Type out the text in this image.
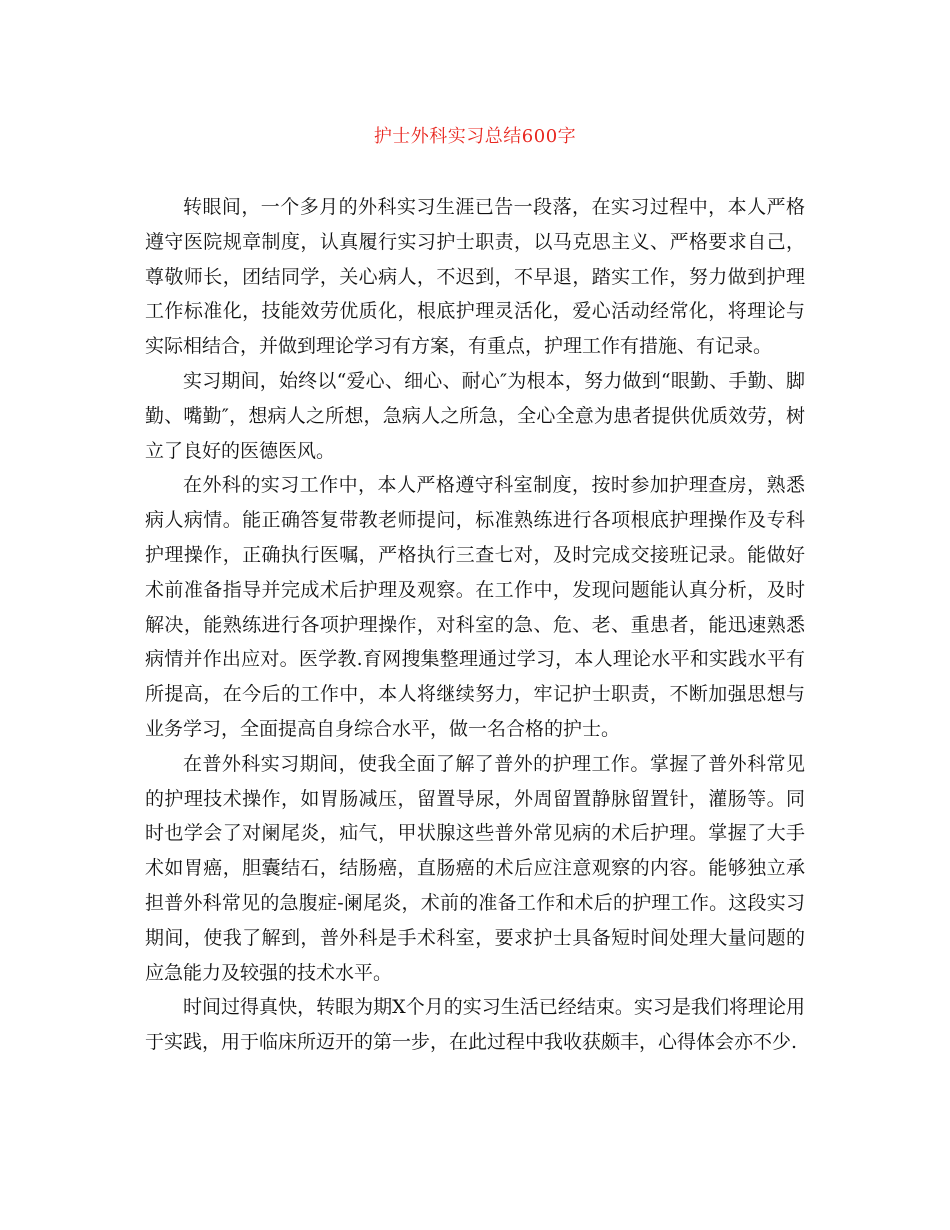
护士外科实习总结600字

转眼间，一个多月的外科实习生涯已告一段落，在实习过程中，本人严格遵守医院规章制度，认真履行实习护士职责，以马克思主义、严格要求自己，尊敬师长，团结同学，关心病人，不迟到，不早退，踏实工作，努力做到护理工作标准化，技能效劳优质化，根底护理灵活化，爱心活动经常化，将理论与实际相结合，并做到理论学习有方案，有重点，护理工作有措施、有记录。

实习期间，始终以“爱心、细心、耐心″为根本，努力做到“眼勤、手勤、脚勤、嘴勤″，想病人之所想，急病人之所急，全心全意为患者提供优质效劳，树立了良好的医德医风。

在外科的实习工作中，本人严格遵守科室制度，按时参加护理查房，熟悉病人病情。能正确答复带教老师提问，标准熟练进行各项根底护理操作及专科护理操作，正确执行医嘱，严格执行三查七对，及时完成交接班记录。能做好术前准备指导并完成术后护理及观察。在工作中，发现问题能认真分析，及时解决，能熟练进行各项护理操作，对科室的急、危、老、重患者，能迅速熟悉病情并作出应对。医学教.育网搜集整理通过学习，本人理论水平和实践水平有所提高，在今后的工作中，本人将继续努力，牢记护士职责，不断加强思想与业务学习，全面提高自身综合水平，做一名合格的护士。

在普外科实习期间，使我全面了解了普外的护理工作。掌握了普外科常见的护理技术操作，如胃肠减压，留置导尿，外周留置静脉留置针，灌肠等。同时也学会了对阑尾炎，疝气，甲状腺这些普外常见病的术后护理。掌握了大手术如胃癌，胆囊结石，结肠癌，直肠癌的术后应注意观察的内容。能够独立承担普外科常见的急腹症-阑尾炎，术前的准备工作和术后的护理工作。这段实习期间，使我了解到，普外科是手术科室，要求护士具备短时间处理大量问题的应急能力及较强的技术水平。

时间过得真快，转眼为期X个月的实习生活已经结束。实习是我们将理论用于实践，用于临床所迈开的第一步，在此过程中我收获颇丰，心得体会亦不少.
